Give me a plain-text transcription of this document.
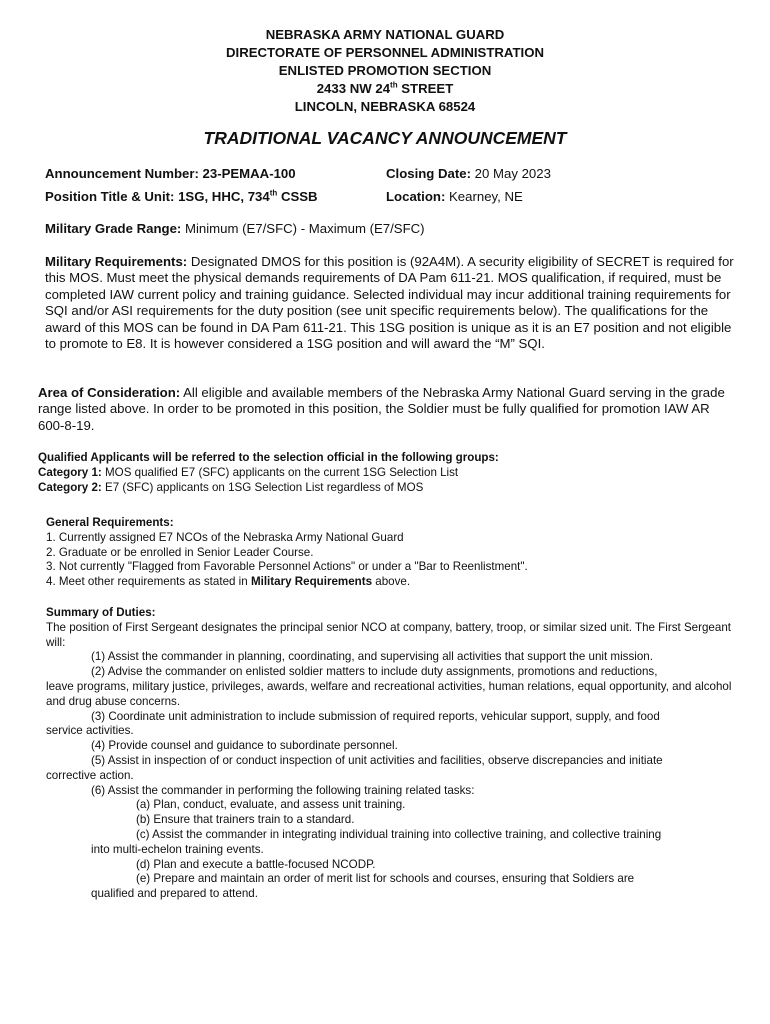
NEBRASKA ARMY NATIONAL GUARD
DIRECTORATE OF PERSONNEL ADMINISTRATION
ENLISTED PROMOTION SECTION
2433 NW 24th STREET
LINCOLN, NEBRASKA 68524
TRADITIONAL VACANCY ANNOUNCEMENT
Announcement Number: 23-PEMAA-100	Closing Date: 20 May 2023
Position Title & Unit: 1SG, HHC, 734th CSSB	Location: Kearney, NE
Military Grade Range: Minimum (E7/SFC) - Maximum (E7/SFC)
Military Requirements: Designated DMOS for this position is (92A4M). A security eligibility of SECRET is required for this MOS. Must meet the physical demands requirements of DA Pam 611-21. MOS qualification, if required, must be completed IAW current policy and training guidance. Selected individual may incur additional training requirements for SQI and/or ASI requirements for the duty position (see unit specific requirements below). The qualifications for the award of this MOS can be found in DA Pam 611-21. This 1SG position is unique as it is an E7 position and not eligible to promote to E8. It is however considered a 1SG position and will award the “M” SQI.
Area of Consideration: All eligible and available members of the Nebraska Army National Guard serving in the grade range listed above. In order to be promoted in this position, the Soldier must be fully qualified for promotion IAW AR 600-8-19.

Qualified Applicants will be referred to the selection official in the following groups:

Category 1: MOS qualified E7 (SFC) applicants on the current 1SG Selection List

Category 2: E7 (SFC) applicants on 1SG Selection List regardless of MOS

General Requirements:

1. Currently assigned E7 NCOs of the Nebraska Army National Guard

2. Graduate or be enrolled in Senior Leader Course.

3. Not currently "Flagged from Favorable Personnel Actions" or under a "Bar to Reenlistment".

4. Meet other requirements as stated in Military Requirements above.

Summary of Duties:

The position of First Sergeant designates the principal senior NCO at company, battery, troop, or similar sized unit. The First Sergeant will:

(1) Assist the commander in planning, coordinating, and supervising all activities that support the unit mission.

(2) Advise the commander on enlisted soldier matters to include duty assignments, promotions and reductions,

leave programs, military justice, privileges, awards, welfare and recreational activities, human relations, equal opportunity, and alcohol and drug abuse concerns.

(3) Coordinate unit administration to include submission of required reports, vehicular support, supply, and food

service activities.

(4) Provide counsel and guidance to subordinate personnel.

(5) Assist in inspection of or conduct inspection of unit activities and facilities, observe discrepancies and initiate

corrective action.

(6) Assist the commander in performing the following training related tasks:

(a) Plan, conduct, evaluate, and assess unit training.

(b) Ensure that trainers train to a standard.

(c) Assist the commander in integrating individual training into collective training, and collective training

into multi-echelon training events.

(d) Plan and execute a battle-focused NCODP.

(e) Prepare and maintain an order of merit list for schools and courses, ensuring that Soldiers are

qualified and prepared to attend.
